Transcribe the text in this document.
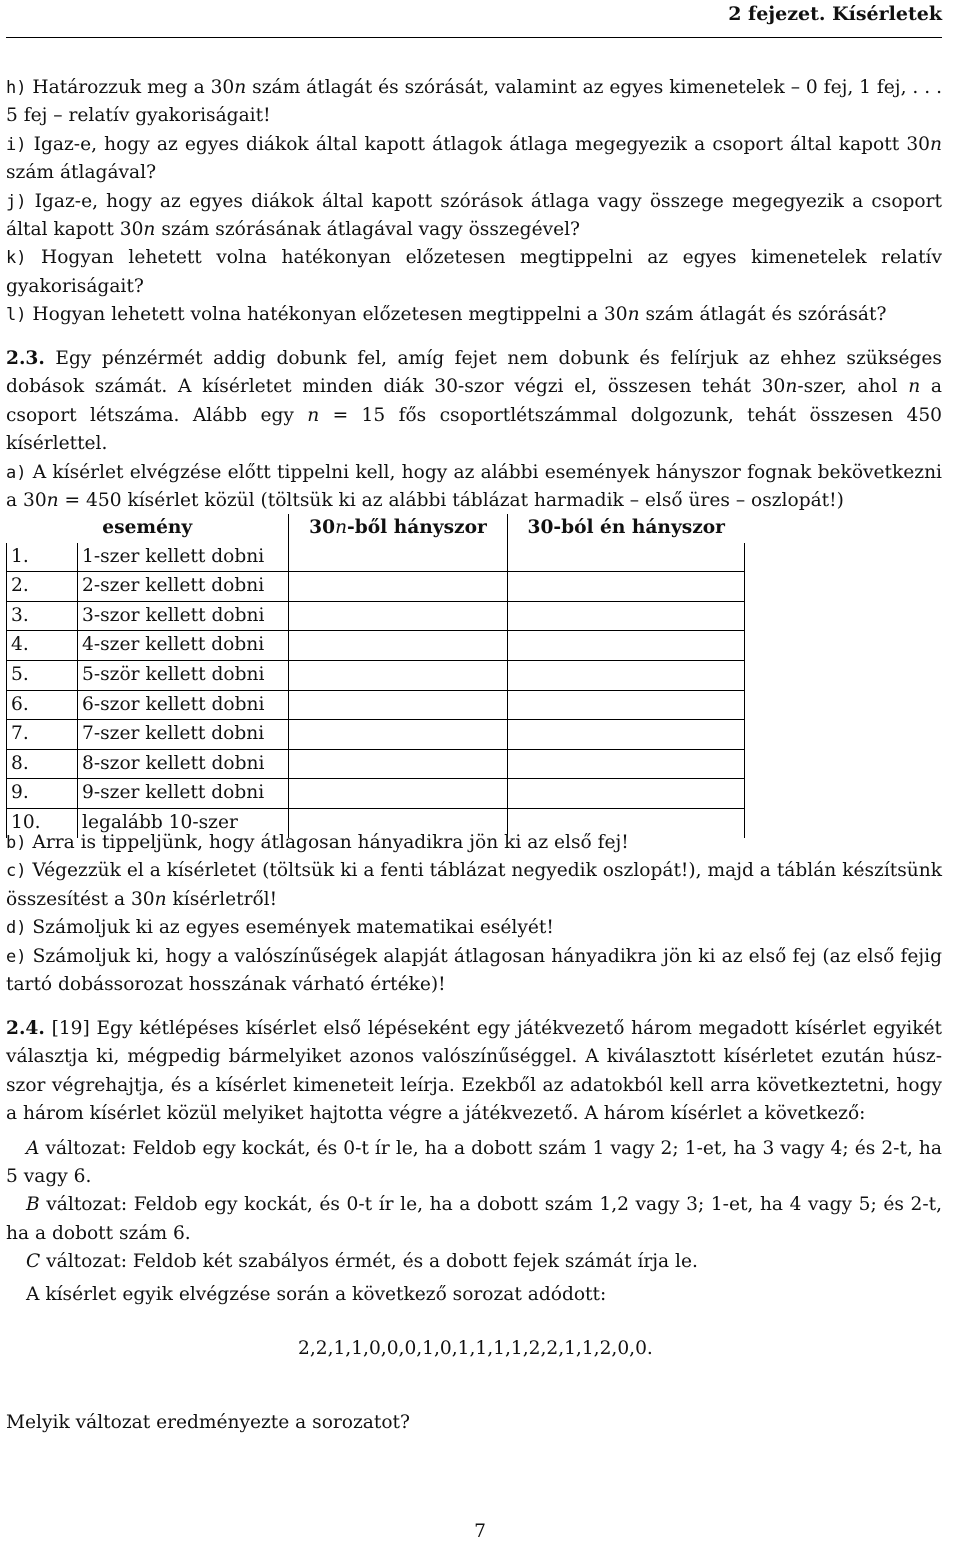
2 fejezet. Kísérletek

h) Határozzuk meg a 30n szám átlagát és szórását, valamint az egyes kimenetelek – 0 fej, 1 fej, . . . 5 fej – relatív gyakoriságait!

i) Igaz-e, hogy az egyes diákok által kapott átlagok átlaga megegyezik a csoport által kapott 30n szám átlagával?

j) Igaz-e, hogy az egyes diákok által kapott szórások átlaga vagy összege megegyezik a csoport által kapott 30n szám szórásának átlagával vagy összegével?

k) Hogyan lehetett volna hatékonyan előzetesen megtippelni az egyes kimenetelek relatív gyakoriságait?

l) Hogyan lehetett volna hatékonyan előzetesen megtippelni a 30n szám átlagát és szórását?

2.3. Egy pénzérmét addig dobunk fel, amíg fejet nem dobunk és felírjuk az ehhez szükséges dobások számát. A kísérletet minden diák 30-szor végzi el, összesen tehát 30n-szer, ahol n a csoport létszáma. Alább egy n = 15 fős csoportlétszámmal dolgozunk, tehát összesen 450 kísérlettel.

a) A kísérlet elvégzése előtt tippelni kell, hogy az alábbi események hányszor fognak bekövetkezni a 30n = 450 kísérlet közül (töltsük ki az alábbi táblázat harmadik – első üres – oszlopát!)

esemény		30n-ből hányszor	30-ból én hányszor
1.	1-szer kellett dobni		
2.	2-szer kellett dobni		
3.	3-szor kellett dobni		
4.	4-szer kellett dobni		
5.	5-ször kellett dobni		
6.	6-szor kellett dobni		
7.	7-szer kellett dobni		
8.	8-szor kellett dobni		
9.	9-szer kellett dobni		
10.	legalább 10-szer		

b) Arra is tippeljünk, hogy átlagosan hányadikra jön ki az első fej!

c) Végezzük el a kísérletet (töltsük ki a fenti táblázat negyedik oszlopát!), majd a táblán készítsünk összesítést a 30n kísérletről!

d) Számoljuk ki az egyes események matematikai esélyét!

e) Számoljuk ki, hogy a valószínűségek alapját átlagosan hányadikra jön ki az első fej (az első fejig tartó dobássorozat hosszának várható értéke)!

2.4. [19] Egy kétlépéses kísérlet első lépéseként egy játékvezető három megadott kísérlet egyikét választja ki, mégpedig bármelyiket azonos valószínűséggel. A kiválasztott kísérletet ezután húsz-szor végrehajtja, és a kísérlet kimeneteit leírja. Ezekből az adatokból kell arra következtetni, hogy a három kísérlet közül melyiket hajtotta végre a játékvezető. A három kísérlet a következő:

A változat: Feldob egy kockát, és 0-t ír le, ha a dobott szám 1 vagy 2; 1-et, ha 3 vagy 4; és 2-t, ha 5 vagy 6.

B változat: Feldob egy kockát, és 0-t ír le, ha a dobott szám 1,2 vagy 3; 1-et, ha 4 vagy 5; és 2-t, ha a dobott szám 6.

C változat: Feldob két szabályos érmét, és a dobott fejek számát írja le.

A kísérlet egyik elvégzése során a következő sorozat adódott:

2,2,1,1,0,0,0,1,0,1,1,1,1,2,2,1,1,2,0,0.

Melyik változat eredményezte a sorozatot?

7
